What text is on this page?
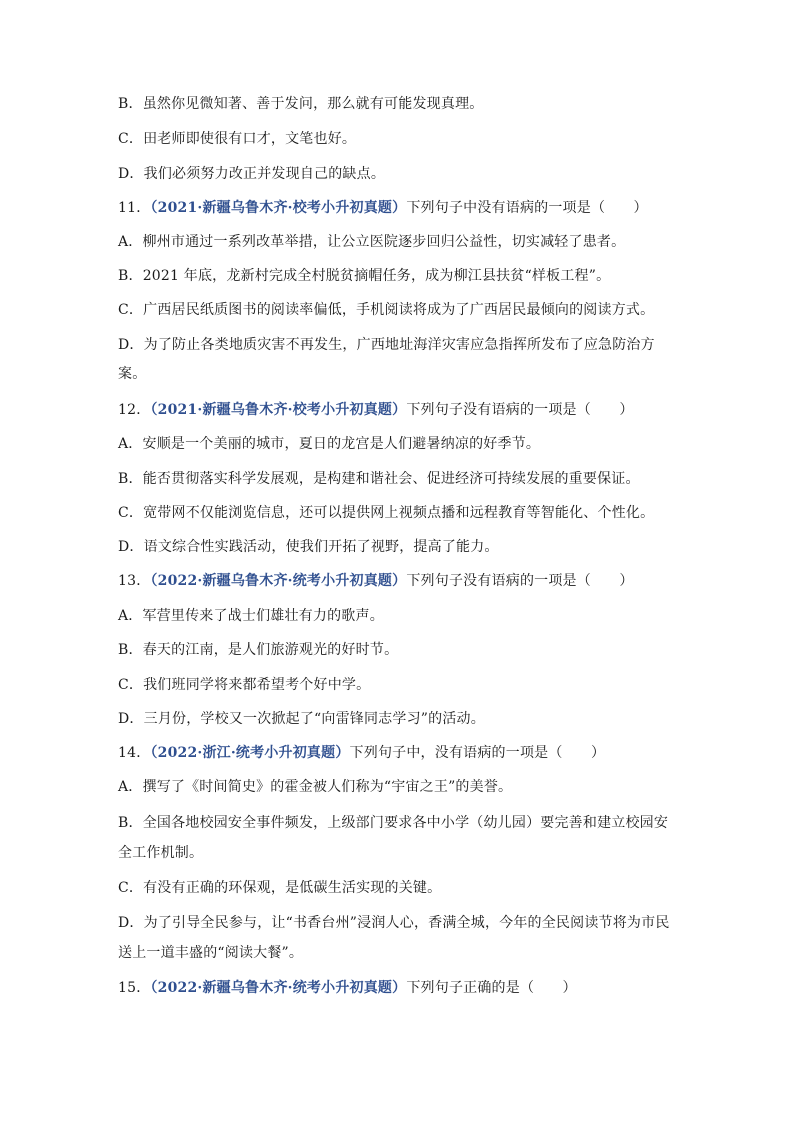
B．虽然你见微知著、善于发问，那么就有可能发现真理。
C．田老师即使很有口才，文笔也好。
D．我们必须努力改正并发现自己的缺点。
11．（2021·新疆乌鲁木齐·校考小升初真题）下列句子中没有语病的一项是（　　）
A．柳州市通过一系列改革举措，让公立医院逐步回归公益性，切实减轻了患者。
B．2021 年底，龙新村完成全村脱贫摘帽任务，成为柳江县扶贫“样板工程”。
C．广西居民纸质图书的阅读率偏低，手机阅读将成为了广西居民最倾向的阅读方式。
D．为了防止各类地质灾害不再发生，广西地址海洋灾害应急指挥所发布了应急防治方
案。
12．（2021·新疆乌鲁木齐·校考小升初真题）下列句子没有语病的一项是（　　）
A．安顺是一个美丽的城市，夏日的龙宫是人们避暑纳凉的好季节。
B．能否贯彻落实科学发展观，是构建和谐社会、促进经济可持续发展的重要保证。
C．宽带网不仅能浏览信息，还可以提供网上视频点播和远程教育等智能化、个性化。
D．语文综合性实践活动，使我们开拓了视野，提高了能力。
13．（2022·新疆乌鲁木齐·统考小升初真题）下列句子没有语病的一项是（　　）
A．军营里传来了战士们雄壮有力的歌声。
B．春天的江南，是人们旅游观光的好时节。
C．我们班同学将来都希望考个好中学。
D．三月份，学校又一次掀起了“向雷锋同志学习”的活动。
14．（2022·浙江·统考小升初真题）下列句子中，没有语病的一项是（　　）
A．撰写了《时间简史》的霍金被人们称为“宇宙之王”的美誉。
B．全国各地校园安全事件频发，上级部门要求各中小学（幼儿园）要完善和建立校园安
全工作机制。
C．有没有正确的环保观，是低碳生活实现的关键。
D．为了引导全民参与，让“书香台州”浸润人心，香满全城，今年的全民阅读节将为市民
送上一道丰盛的“阅读大餐”。
15．（2022·新疆乌鲁木齐·统考小升初真题）下列句子正确的是（　　）
